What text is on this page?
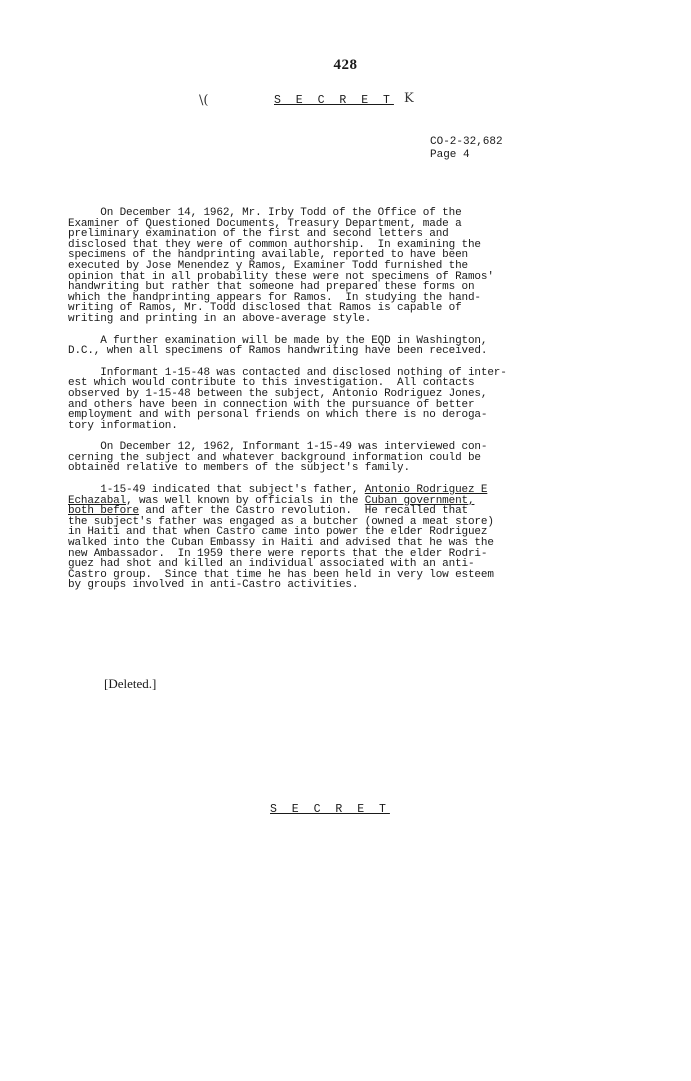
428
\(	S E C R E T K
CO-2-32,682
Page 4
On December 14, 1962, Mr. Irby Todd of the Office of the
Examiner of Questioned Documents, Treasury Department, made a
preliminary examination of the first and second letters and
disclosed that they were of common authorship.  In examining the
specimens of the handprinting available, reported to have been
executed by Jose Menendez y Ramos, Examiner Todd furnished the
opinion that in all probability these were not specimens of Ramos'
handwriting but rather that someone had prepared these forms on
which the handprinting appears for Ramos.  In studying the hand-
writing of Ramos, Mr. Todd disclosed that Ramos is capable of
writing and printing in an above-average style.
A further examination will be made by the EQD in Washington,
D.C., when all specimens of Ramos handwriting have been received.
Informant 1-15-48 was contacted and disclosed nothing of inter-
est which would contribute to this investigation.  All contacts
observed by 1-15-48 between the subject, Antonio Rodriguez Jones,
and others have been in connection with the pursuance of better
employment and with personal friends on which there is no deroga-
tory information.
On December 12, 1962, Informant 1-15-49 was interviewed con-
cerning the subject and whatever background information could be
obtained relative to members of the subject's family.
1-15-49 indicated that subject's father, Antonio Rodriguez E
Echazabal, was well known by officials in the Cuban government,
both before and after the Castro revolution.  He recalled that
the subject's father was engaged as a butcher (owned a meat store)
in Haiti and that when Castro came into power the elder Rodriguez
walked into the Cuban Embassy in Haiti and advised that he was the
new Ambassador.  In 1959 there were reports that the elder Rodri-
guez had shot and killed an individual associated with an anti-
Castro group.  Since that time he has been held in very low esteem
by groups involved in anti-Castro activities.
[Deleted.]
S E C R E T
